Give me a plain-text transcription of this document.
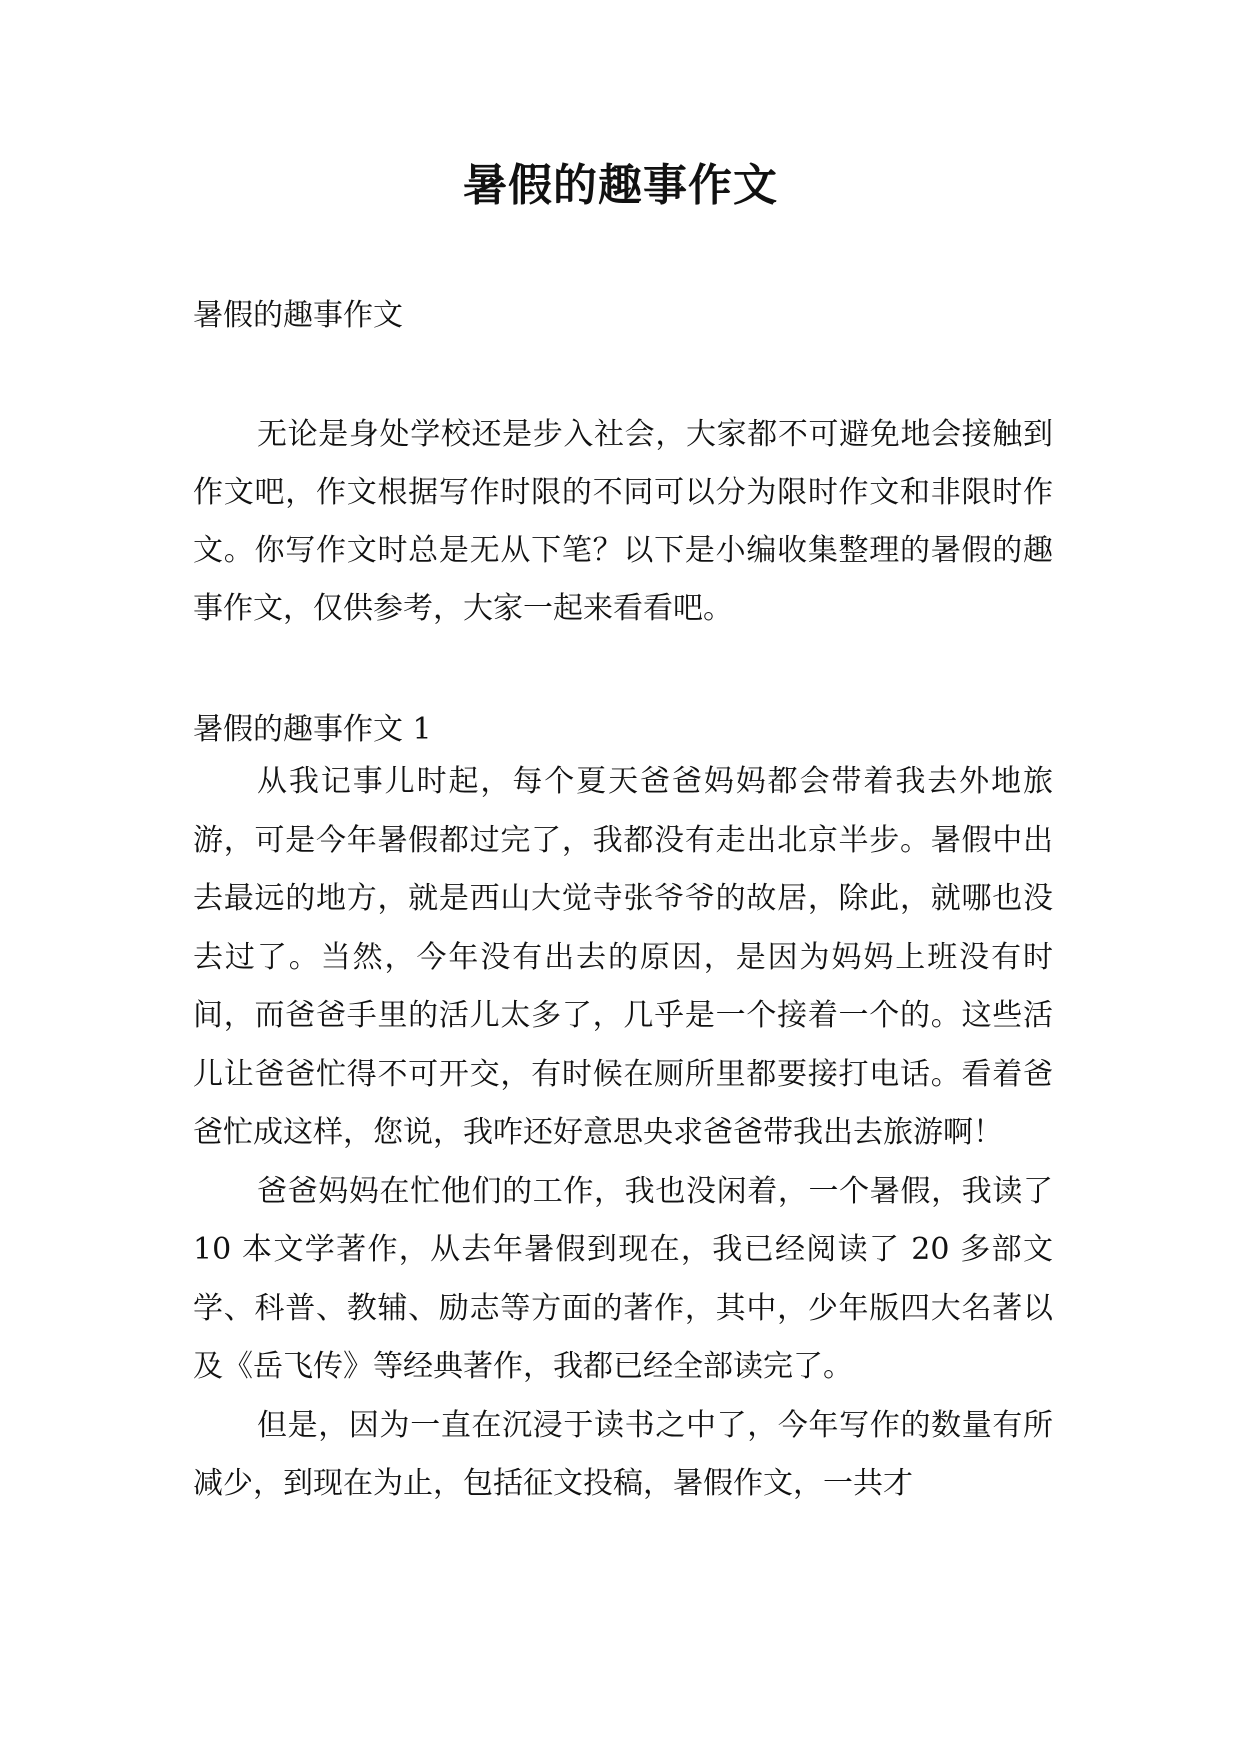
暑假的趣事作文
暑假的趣事作文

无论是身处学校还是步入社会，大家都不可避免地会接触到作文吧，作文根据写作时限的不同可以分为限时作文和非限时作文。你写作文时总是无从下笔？以下是小编收集整理的暑假的趣事作文，仅供参考，大家一起来看看吧。

暑假的趣事作文 1

从我记事儿时起，每个夏天爸爸妈妈都会带着我去外地旅游，可是今年暑假都过完了，我都没有走出北京半步。暑假中出去最远的地方，就是西山大觉寺张爷爷的故居，除此，就哪也没去过了。当然，今年没有出去的原因，是因为妈妈上班没有时间，而爸爸手里的活儿太多了，几乎是一个接着一个的。这些活儿让爸爸忙得不可开交，有时候在厕所里都要接打电话。看着爸爸忙成这样，您说，我咋还好意思央求爸爸带我出去旅游啊！

爸爸妈妈在忙他们的工作，我也没闲着，一个暑假，我读了 10 本文学著作，从去年暑假到现在，我已经阅读了 20 多部文学、科普、教辅、励志等方面的著作，其中，少年版四大名著以及《岳飞传》等经典著作，我都已经全部读完了。

但是，因为一直在沉浸于读书之中了，今年写作的数量有所减少，到现在为止，包括征文投稿，暑假作文，一共才
